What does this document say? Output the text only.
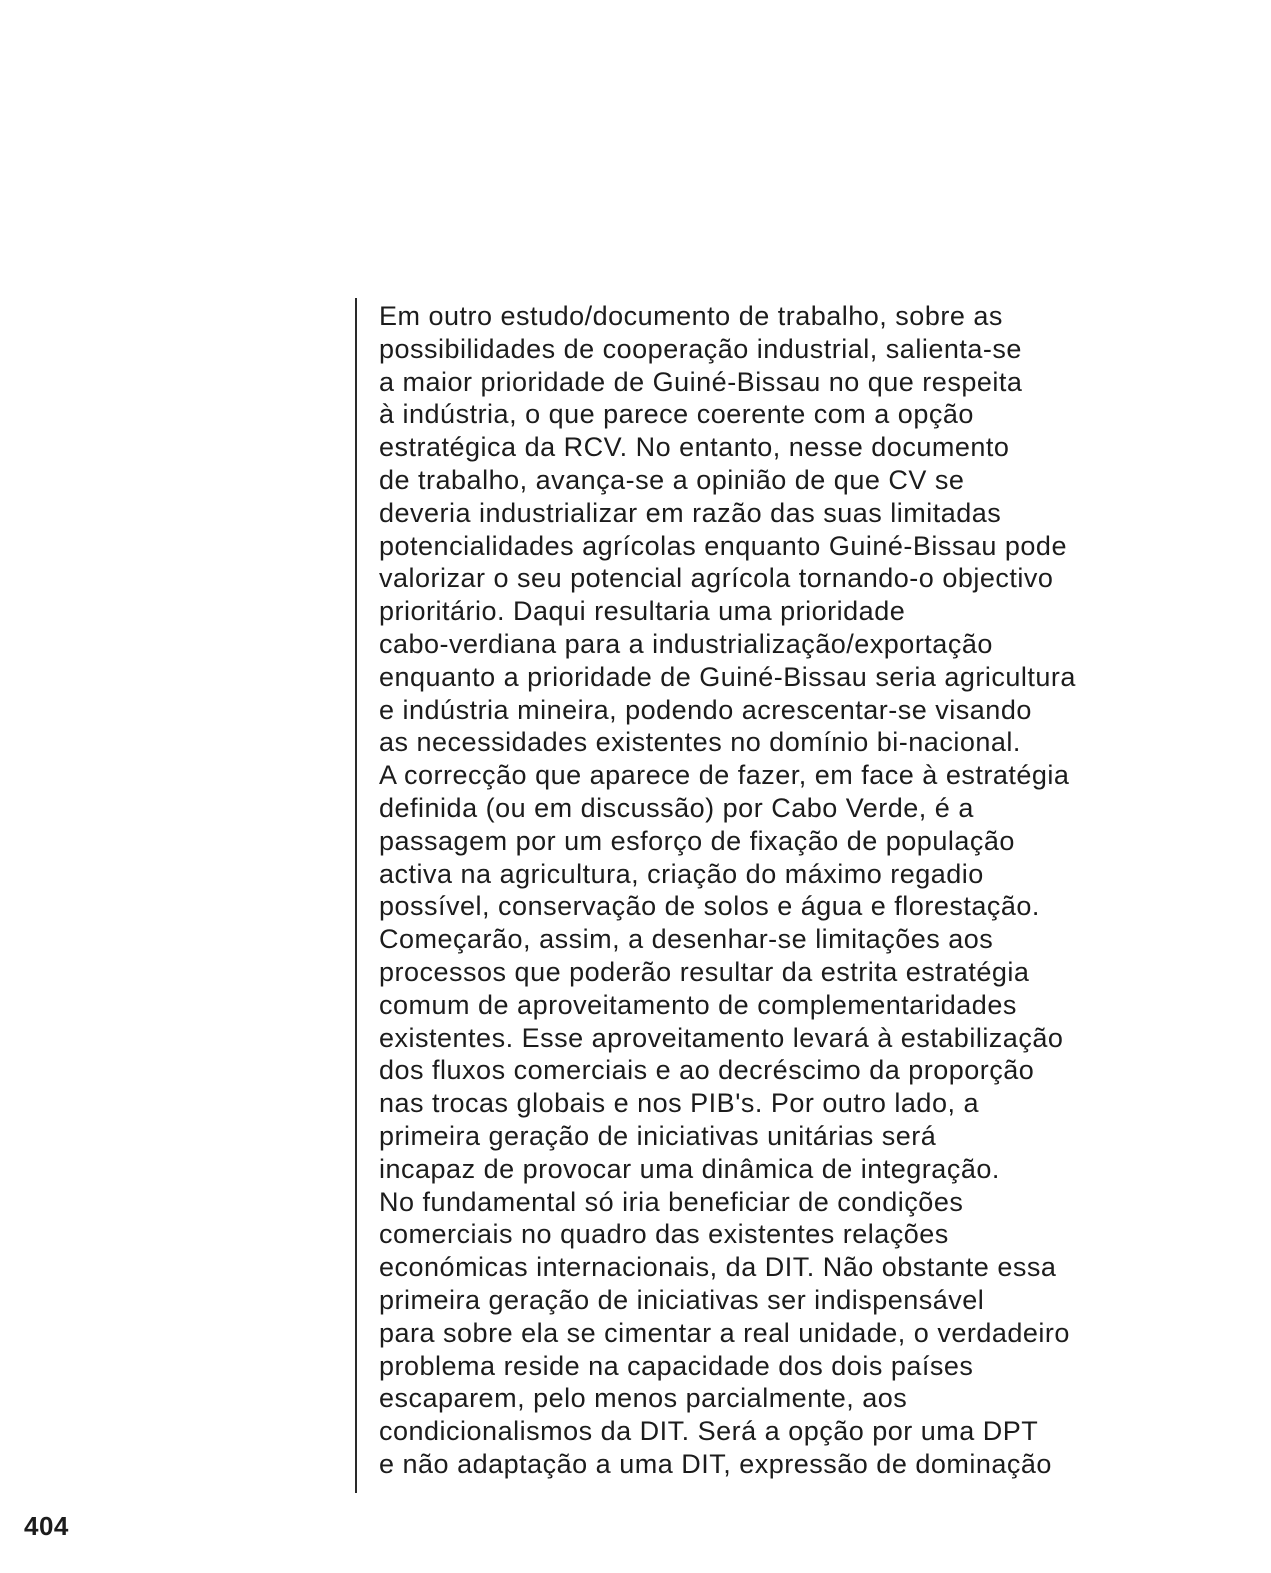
Em outro estudo/documento de trabalho, sobre as
possibilidades de cooperação industrial, salienta-se
a maior prioridade de Guiné-Bissau no que respeita
à indústria, o que parece coerente com a opção
estratégica da RCV. No entanto, nesse documento
de trabalho, avança-se a opinião de que CV se
deveria industrializar em razão das suas limitadas
potencialidades agrícolas enquanto Guiné-Bissau pode
valorizar o seu potencial agrícola tornando-o objectivo
prioritário. Daqui resultaria uma prioridade
cabo-verdiana para a industrialização/exportação
enquanto a prioridade de Guiné-Bissau seria agricultura
e indústria mineira, podendo acrescentar-se visando
as necessidades existentes no domínio bi-nacional.
A correcção que aparece de fazer, em face à estratégia
definida (ou em discussão) por Cabo Verde, é a
passagem por um esforço de fixação de população
activa na agricultura, criação do máximo regadio
possível, conservação de solos e água e florestação.
Começarão, assim, a desenhar-se limitações aos
processos que poderão resultar da estrita estratégia
comum de aproveitamento de complementaridades
existentes. Esse aproveitamento levará à estabilização
dos fluxos comerciais e ao decréscimo da proporção
nas trocas globais e nos PIB's. Por outro lado, a
primeira geração de iniciativas unitárias será
incapaz de provocar uma dinâmica de integração.
No fundamental só iria beneficiar de condições
comerciais no quadro das existentes relações
económicas internacionais, da DIT. Não obstante essa
primeira geração de iniciativas ser indispensável
para sobre ela se cimentar a real unidade, o verdadeiro
problema reside na capacidade dos dois países
escaparem, pelo menos parcialmente, aos
condicionalismos da DIT. Será a opção por uma DPT
e não adaptação a uma DIT, expressão de dominação
404
